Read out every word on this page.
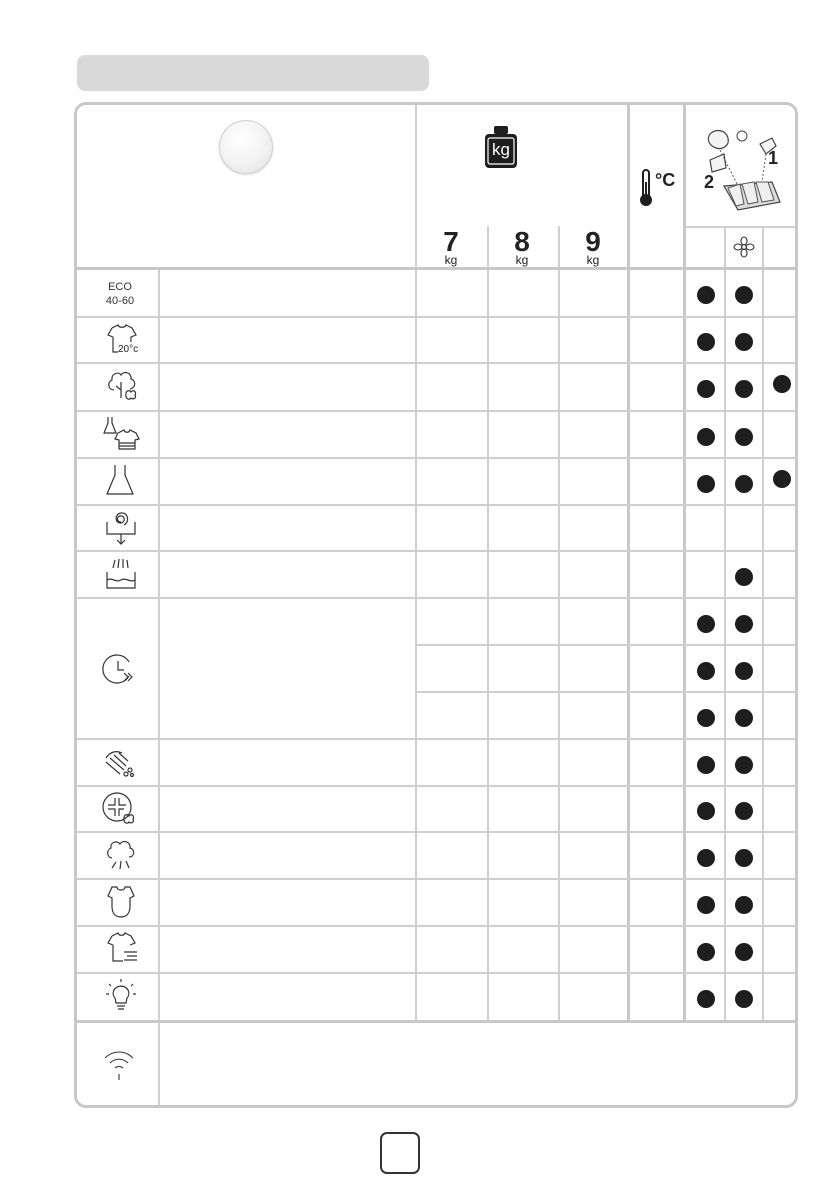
kg
7
kg
8
kg
9
kg
°C
1
2
ECO
40-60
20°c
